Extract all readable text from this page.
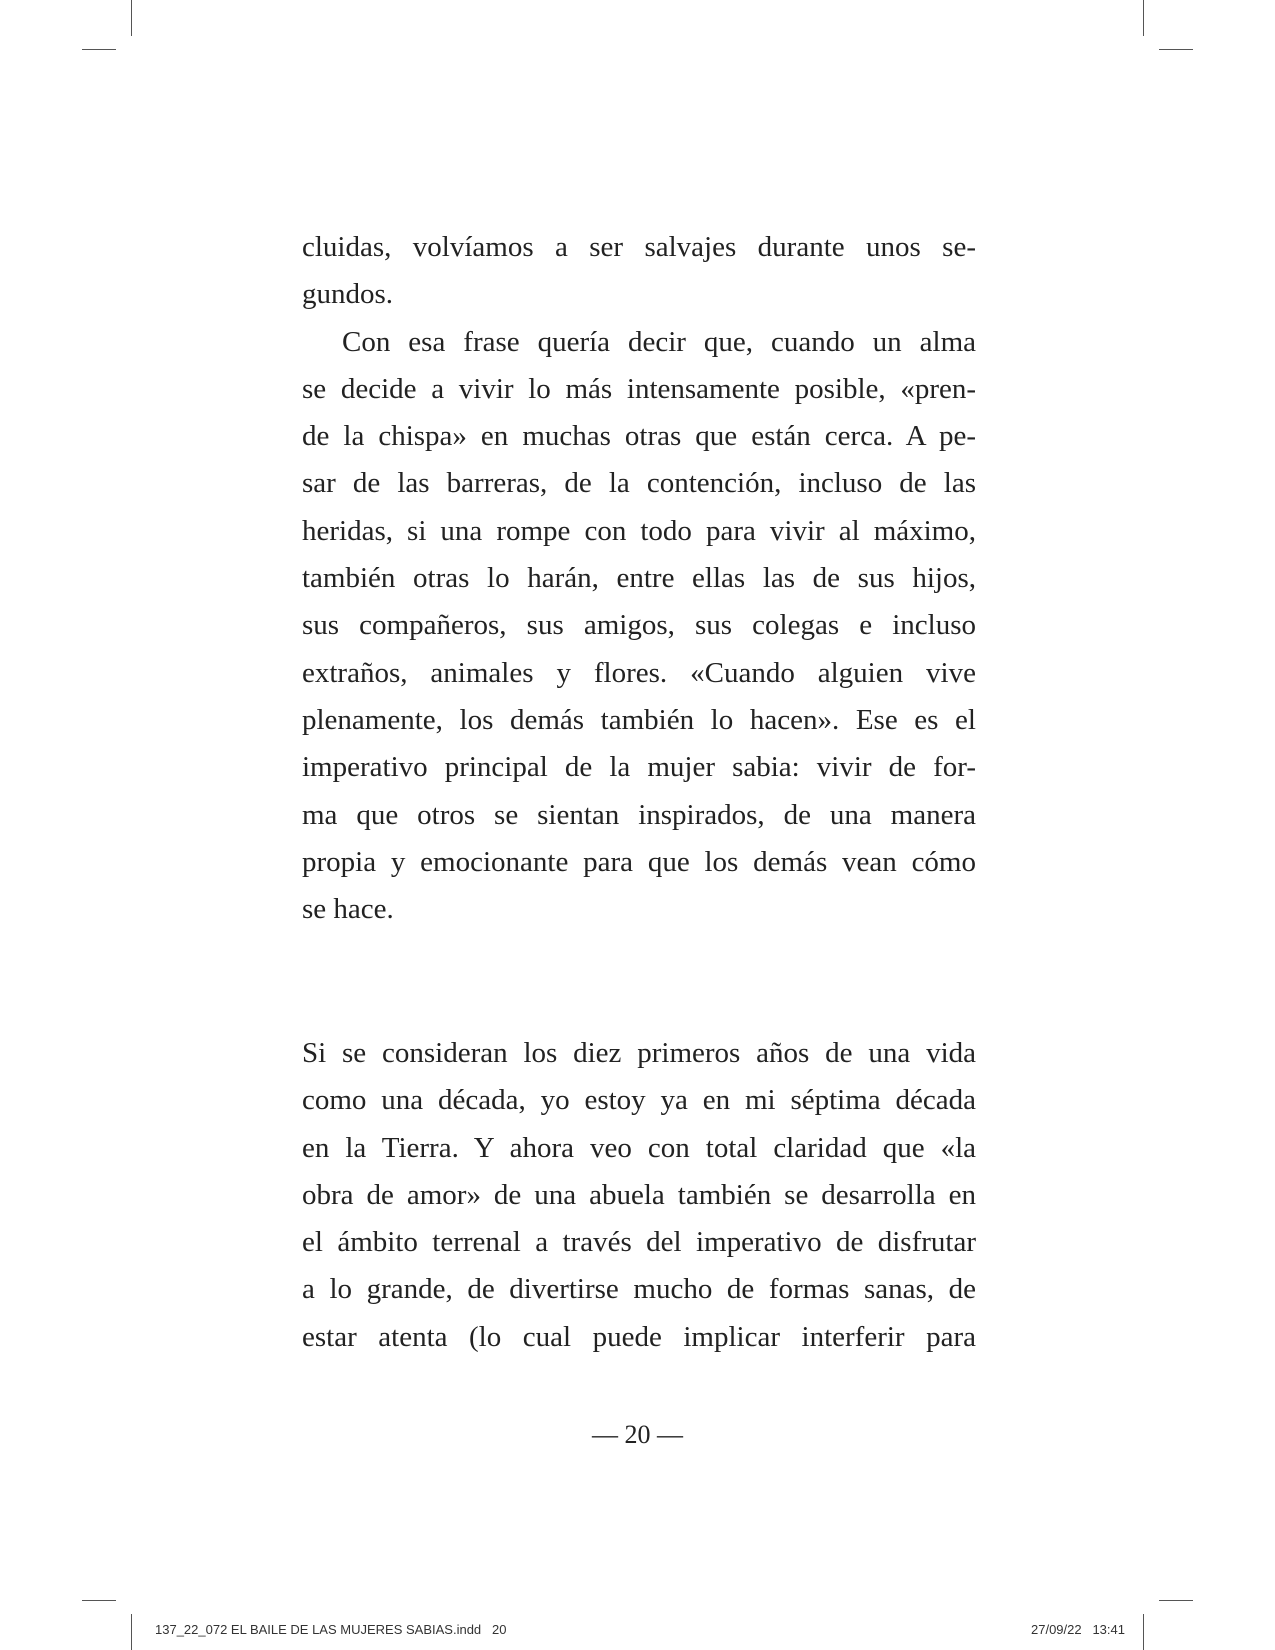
cluidas, volvíamos a ser salvajes durante unos se-
gundos.
Con esa frase quería decir que, cuando un alma
se decide a vivir lo más intensamente posible, «pren-
de la chispa» en muchas otras que están cerca. A pe-
sar de las barreras, de la contención, incluso de las
heridas, si una rompe con todo para vivir al máximo,
también otras lo harán, entre ellas las de sus hijos,
sus compañeros, sus amigos, sus colegas e incluso
extraños, animales y flores. «Cuando alguien vive
plenamente, los demás también lo hacen». Ese es el
imperativo principal de la mujer sabia: vivir de for-
ma que otros se sientan inspirados, de una manera
propia y emocionante para que los demás vean cómo
se hace.
Si se consideran los diez primeros años de una vida
como una década, yo estoy ya en mi séptima década
en la Tierra. Y ahora veo con total claridad que «la
obra de amor» de una abuela también se desarrolla en
el ámbito terrenal a través del imperativo de disfrutar
a lo grande, de divertirse mucho de formas sanas, de
estar atenta (lo cual puede implicar interferir para
— 20 —
137_22_072 EL BAILE DE LAS MUJERES SABIAS.indd   20	27/09/22   13:41
